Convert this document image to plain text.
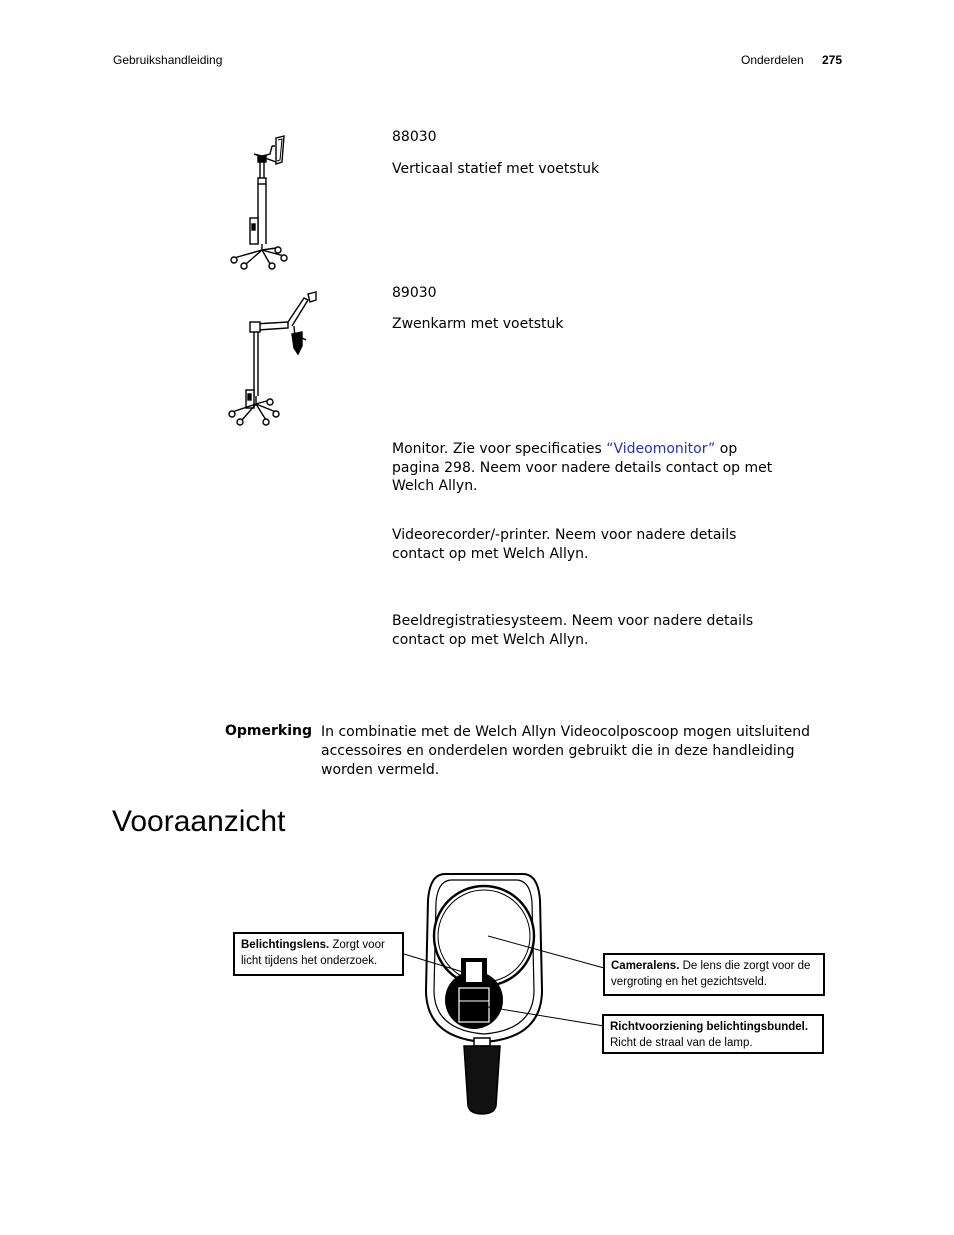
Gebruikshandleiding	Onderdelen 275
88030
Verticaal statief met voetstuk
89030
Zwenkarm met voetstuk
Monitor. Zie voor specificaties “Videomonitor” op pagina 298. Neem voor nadere details contact op met Welch Allyn.
Videorecorder/-printer. Neem voor nadere details contact op met Welch Allyn.
Beeldregistratiesysteem. Neem voor nadere details contact op met Welch Allyn.
Opmerking In combinatie met de Welch Allyn Videocolposcoop mogen uitsluitend accessoires en onderdelen worden gebruikt die in deze handleiding worden vermeld.
Vooraanzicht
Belichtingslens. Zorgt voor licht tijdens het onderzoek.	Cameralens. De lens die zorgt voor de vergroting en het gezichtsveld.
Richtvoorziening belichtingsbundel. Richt de straal van de lamp.
